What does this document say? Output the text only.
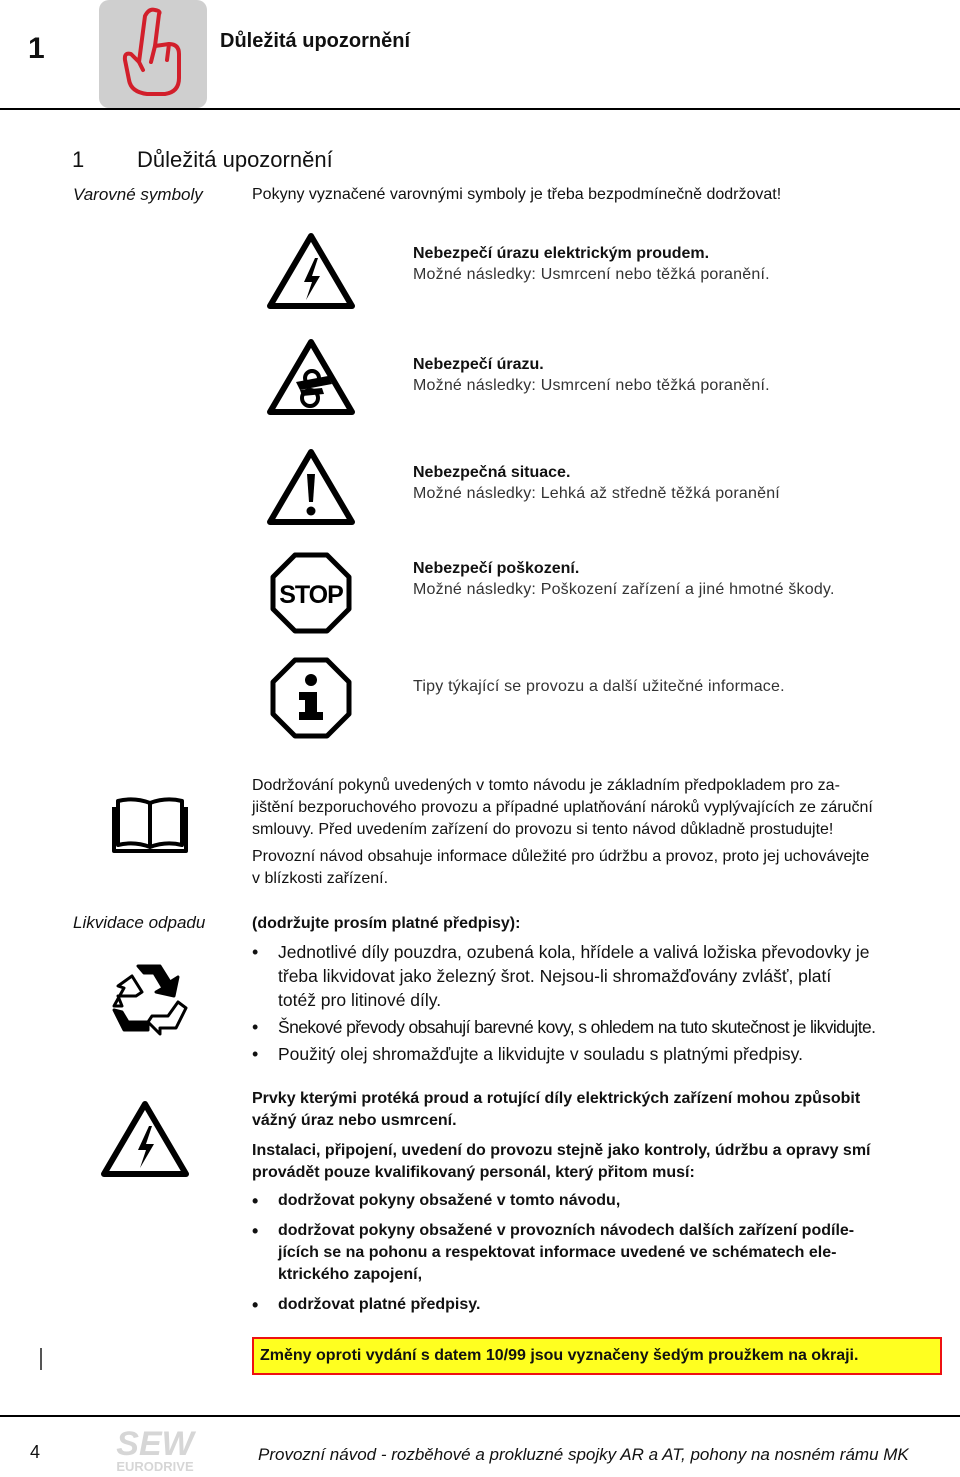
1	Důležitá upozornění
1 Důležitá upozornění
Varovné symboly	Pokyny vyznačené varovnými symboly je třeba bezpodmínečně dodržovat!
Nebezpečí úrazu elektrickým proudem.
Možné následky: Usmrcení nebo těžká poranění.
Nebezpečí úrazu.
Možné následky: Usmrcení nebo těžká poranění.
Nebezpečná situace.
Možné následky: Lehká až středně těžká poranění
STOP
Nebezpečí poškození.
Možné následky: Poškození zařízení a jiné hmotné škody.
Tipy týkající se provozu a další užitečné informace.
Dodržování pokynů uvedených v tomto návodu je základním předpokladem pro za-
jištění bezporuchového provozu a případné uplatňování nároků vyplývajících ze záruční
smlouvy. Před uvedením zařízení do provozu si tento návod důkladně prostudujte!
Provozní návod obsahuje informace důležité pro údržbu a provoz, proto jej uchovávejte
v blízkosti zařízení.
Likvidace odpadu	(dodržujte prosím platné předpisy):
• Jednotlivé díly pouzdra, ozubená kola, hřídele a valivá ložiska převodovky je
třeba likvidovat jako železný šrot. Nejsou-li shromažďovány zvlášť, platí
totéž pro litinové díly.
• Šnekové převody obsahují barevné kovy, s ohledem na tuto skutečnost je likvidujte.
• Použitý olej shromažďujte a likvidujte v souladu s platnými předpisy.
Prvky kterými protéká proud a rotující díly elektrických zařízení mohou způsobit
vážný úraz nebo usmrcení.
Instalaci, připojení, uvedení do provozu stejně jako kontroly, údržbu a opravy smí
provádět pouze kvalifikovaný personál, který přitom musí:
• dodržovat pokyny obsažené v tomto návodu,
• dodržovat pokyny obsažené v provozních návodech dalších zařízení podíle-
jících se na pohonu a respektovat informace uvedené ve schématech ele-
ktrického zapojení,
• dodržovat platné předpisy.
Změny oproti vydání s datem 10/99 jsou vyznačeny šedým proužkem na okraji.
4 SEW
EURODRIVE
Provozní návod - rozběhové a prokluzné spojky AR a AT, pohony na nosném rámu MK
